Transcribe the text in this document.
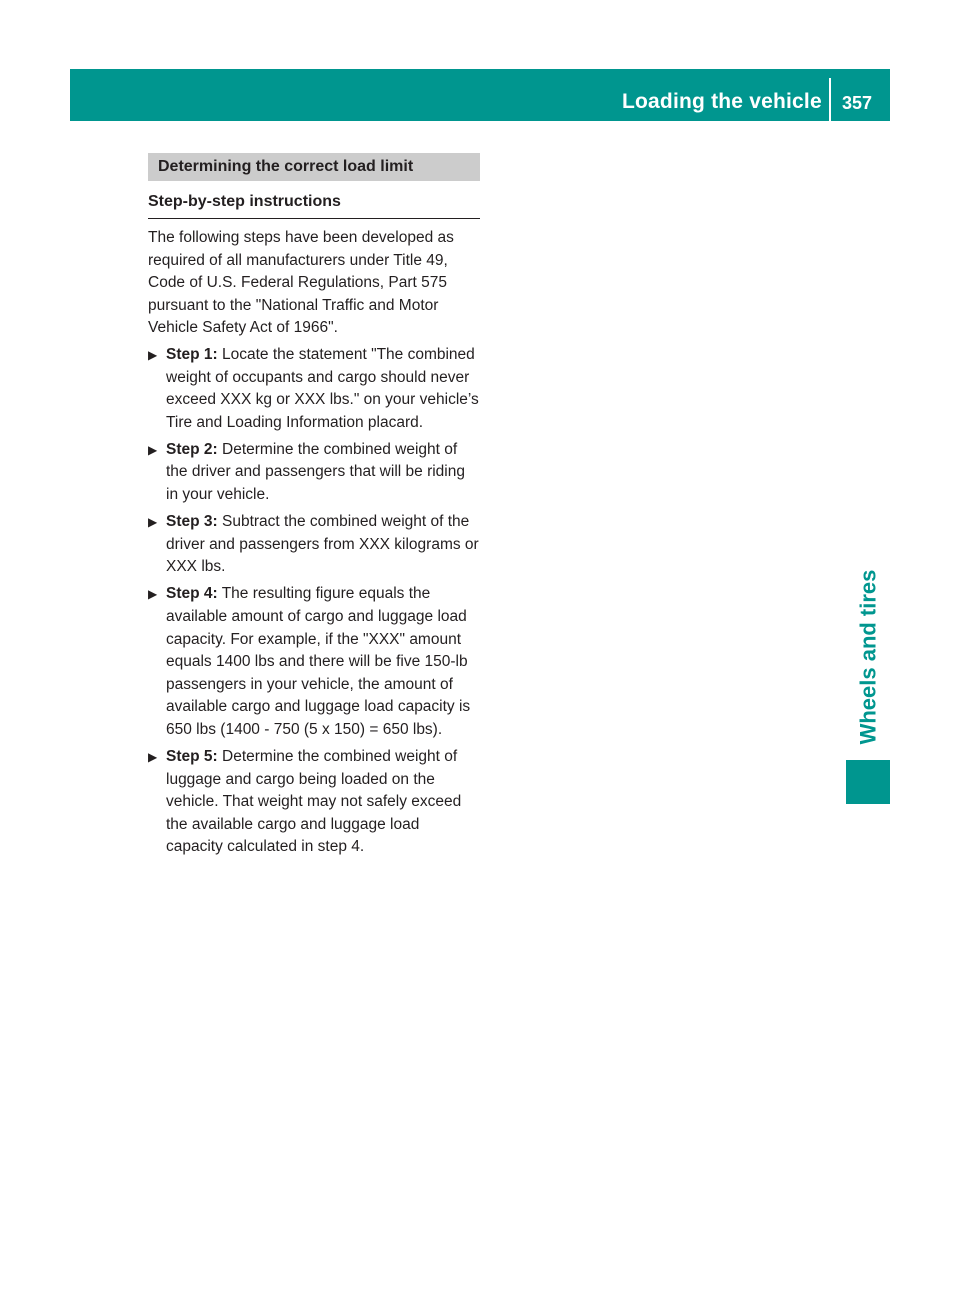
Loading the vehicle 357
Wheels and tires
Determining the correct load limit
Step-by-step instructions

The following steps have been developed as required of all manufacturers under Title 49, Code of U.S. Federal Regulations, Part 575 pursuant to the "National Traffic and Motor Vehicle Safety Act of 1966".

▶ Step 1: Locate the statement "The combined weight of occupants and cargo should never exceed XXX kg or XXX lbs." on your vehicle’s Tire and Loading Information placard.
▶ Step 2: Determine the combined weight of the driver and passengers that will be riding in your vehicle.
▶ Step 3: Subtract the combined weight of the driver and passengers from XXX kilograms or XXX lbs.
▶ Step 4: The resulting figure equals the available amount of cargo and luggage load capacity. For example, if the "XXX" amount equals 1400 lbs and there will be five 150-lb passengers in your vehicle, the amount of available cargo and luggage load capacity is 650 lbs (1400 - 750 (5 x 150) = 650 lbs).
▶ Step 5: Determine the combined weight of luggage and cargo being loaded on the vehicle. That weight may not safely exceed the available cargo and luggage load capacity calculated in step 4.
